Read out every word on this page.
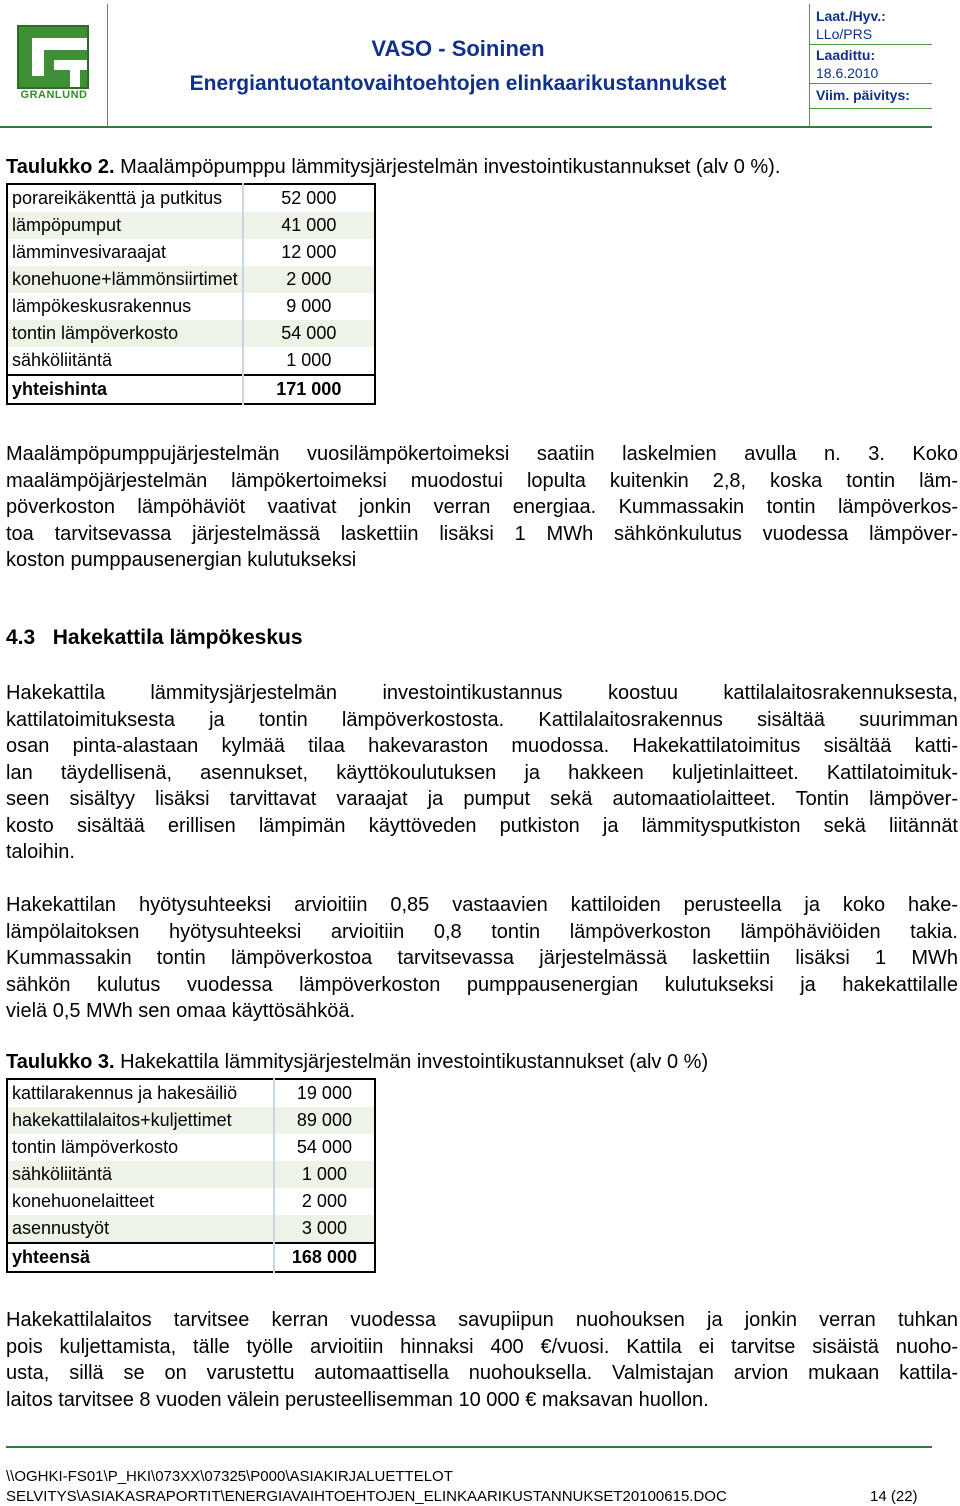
GRANLUND
VASO - Soininen
Energiantuotantovaihtoehtojen elinkaarikustannukset
Laat./Hyv.:
LLo/PRS
Laadittu:
18.6.2010
Viim. päivitys:
Taulukko 2. Maalämpöpumppu lämmitysjärjestelmän investointikustannukset (alv 0 %).
porareikäkenttä ja putkitus	52 000
lämpöpumput	41 000
lämminvesivaraajat	12 000
konehuone+lämmönsiirtimet	2 000
lämpökeskusrakennus	9 000
tontin lämpöverkosto	54 000
sähköliitäntä	1 000
yhteishinta	171 000
Maalämpöpumppujärjestelmän vuosilämpökertoimeksi saatiin laskelmien avulla n. 3. Koko
maalämpöjärjestelmän lämpökertoimeksi muodostui lopulta kuitenkin 2,8, koska tontin läm-
pöverkoston lämpöhäviöt vaativat jonkin verran energiaa. Kummassakin tontin lämpöverkos-
toa tarvitsevassa järjestelmässä laskettiin lisäksi 1 MWh sähkönkulutus vuodessa lämpöver-
koston pumppausenergian kulutukseksi
4.3 Hakekattila lämpökeskus
Hakekattila lämmitysjärjestelmän investointikustannus koostuu kattilalaitosrakennuksesta,
kattilatoimituksesta ja tontin lämpöverkostosta. Kattilalaitosrakennus sisältää suurimman
osan pinta-alastaan kylmää tilaa hakevaraston muodossa. Hakekattilatoimitus sisältää katti-
lan täydellisenä, asennukset, käyttökoulutuksen ja hakkeen kuljetinlaitteet. Kattilatoimituk-
seen sisältyy lisäksi tarvittavat varaajat ja pumput sekä automaatiolaitteet. Tontin lämpöver-
kosto sisältää erillisen lämpimän käyttöveden putkiston ja lämmitysputkiston sekä liitännät
taloihin.
Hakekattilan hyötysuhteeksi arvioitiin 0,85 vastaavien kattiloiden perusteella ja koko hake-
lämpölaitoksen hyötysuhteeksi arvioitiin 0,8 tontin lämpöverkoston lämpöhäviöiden takia.
Kummassakin tontin lämpöverkostoa tarvitsevassa järjestelmässä laskettiin lisäksi 1 MWh
sähkön kulutus vuodessa lämpöverkoston pumppausenergian kulutukseksi ja hakekattilalle
vielä 0,5 MWh sen omaa käyttösähköä.
Taulukko 3. Hakekattila lämmitysjärjestelmän investointikustannukset (alv 0 %)
kattilarakennus ja hakesäiliö	19 000
hakekattilalaitos+kuljettimet	89 000
tontin lämpöverkosto	54 000
sähköliitäntä	1 000
konehuonelaitteet	2 000
asennustyöt	3 000
yhteensä	168 000
Hakekattilalaitos tarvitsee kerran vuodessa savupiipun nuohouksen ja jonkin verran tuhkan
pois kuljettamista, tälle työlle arvioitiin hinnaksi 400 €/vuosi. Kattila ei tarvitse sisäistä nuoho-
usta, sillä se on varustettu automaattisella nuohouksella. Valmistajan arvion mukaan kattila-
laitos tarvitsee 8 vuoden välein perusteellisemman 10 000 € maksavan huollon.
\\OGHKI-FS01\P_HKI\073XX\07325\P000\ASIAKIRJALUETTELOT
SELVITYS\ASIAKASRAPORTIT\ENERGIAVAIHTOEHTOJEN_ELINKAARIKUSTANNUKSET20100615.DOC	14 (22)
